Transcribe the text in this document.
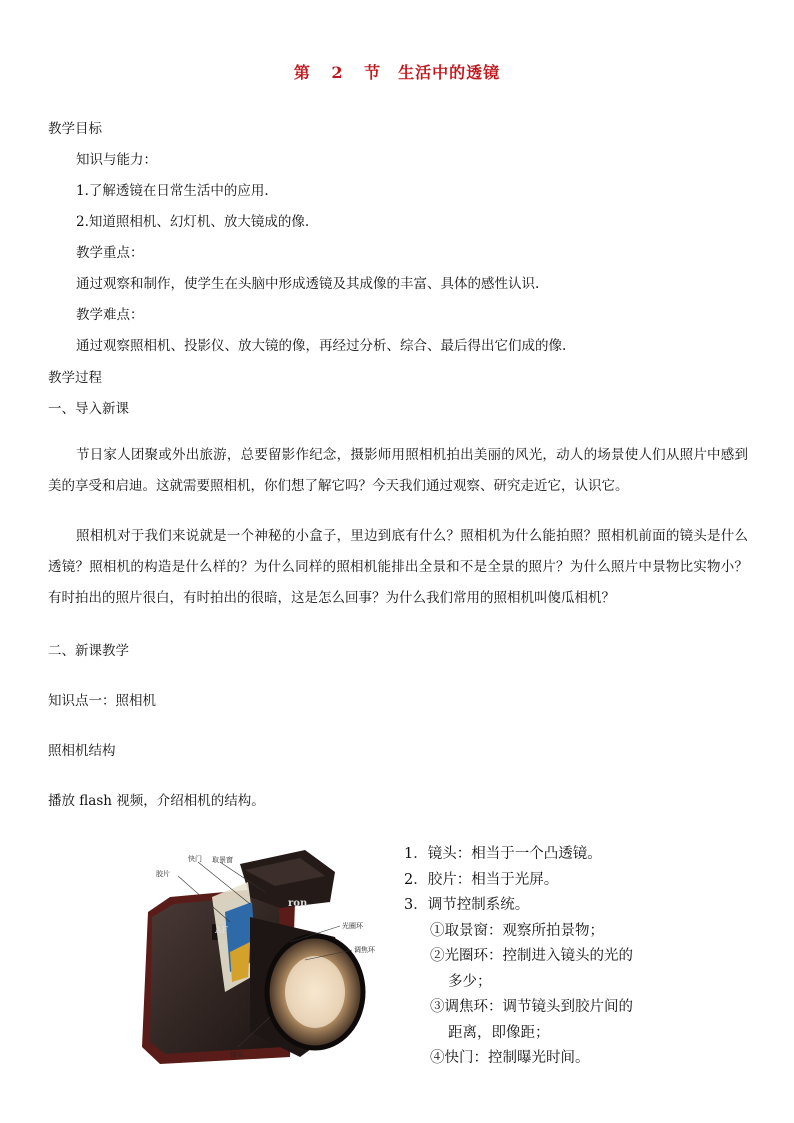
第 2 节　生活中的透镜
教学目标
知识与能力：
1.了解透镜在日常生活中的应用.
2.知道照相机、幻灯机、放大镜成的像.
教学重点：
通过观察和制作，使学生在头脑中形成透镜及其成像的丰富、具体的感性认识.
教学难点：
通过观察照相机、投影仪、放大镜的像，再经过分析、综合、最后得出它们成的像.
教学过程
一、导入新课
节日家人团聚或外出旅游，总要留影作纪念，摄影师用照相机拍出美丽的风光，动人的场景使人们从照片中感到美的享受和启迪。这就需要照相机，你们想了解它吗？今天我们通过观察、研究走近它，认识它。
照相机对于我们来说就是一个神秘的小盒子，里边到底有什么？照相机为什么能拍照？照相机前面的镜头是什么透镜？照相机的构造是什么样的？为什么同样的照相机能排出全景和不是全景的照片？为什么照片中景物比实物小？有时拍出的照片很白，有时拍出的很暗，这是怎么回事？为什么我们常用的照相机叫傻瓜相机？
二、新课教学
知识点一：照相机
照相机结构
播放 flash 视频，介绍相机的结构。
快门 取景窗
胶片
光圈环
调焦环
镜头
ron
AF
1．镜头：相当于一个凸透镜。
2．胶片：相当于光屏。
3．调节控制系统。
①取景窗：观察所拍景物；
②光圈环：控制进入镜头的光的
多少；
③调焦环：调节镜头到胶片间的
距离，即像距；
④快门：控制曝光时间。
